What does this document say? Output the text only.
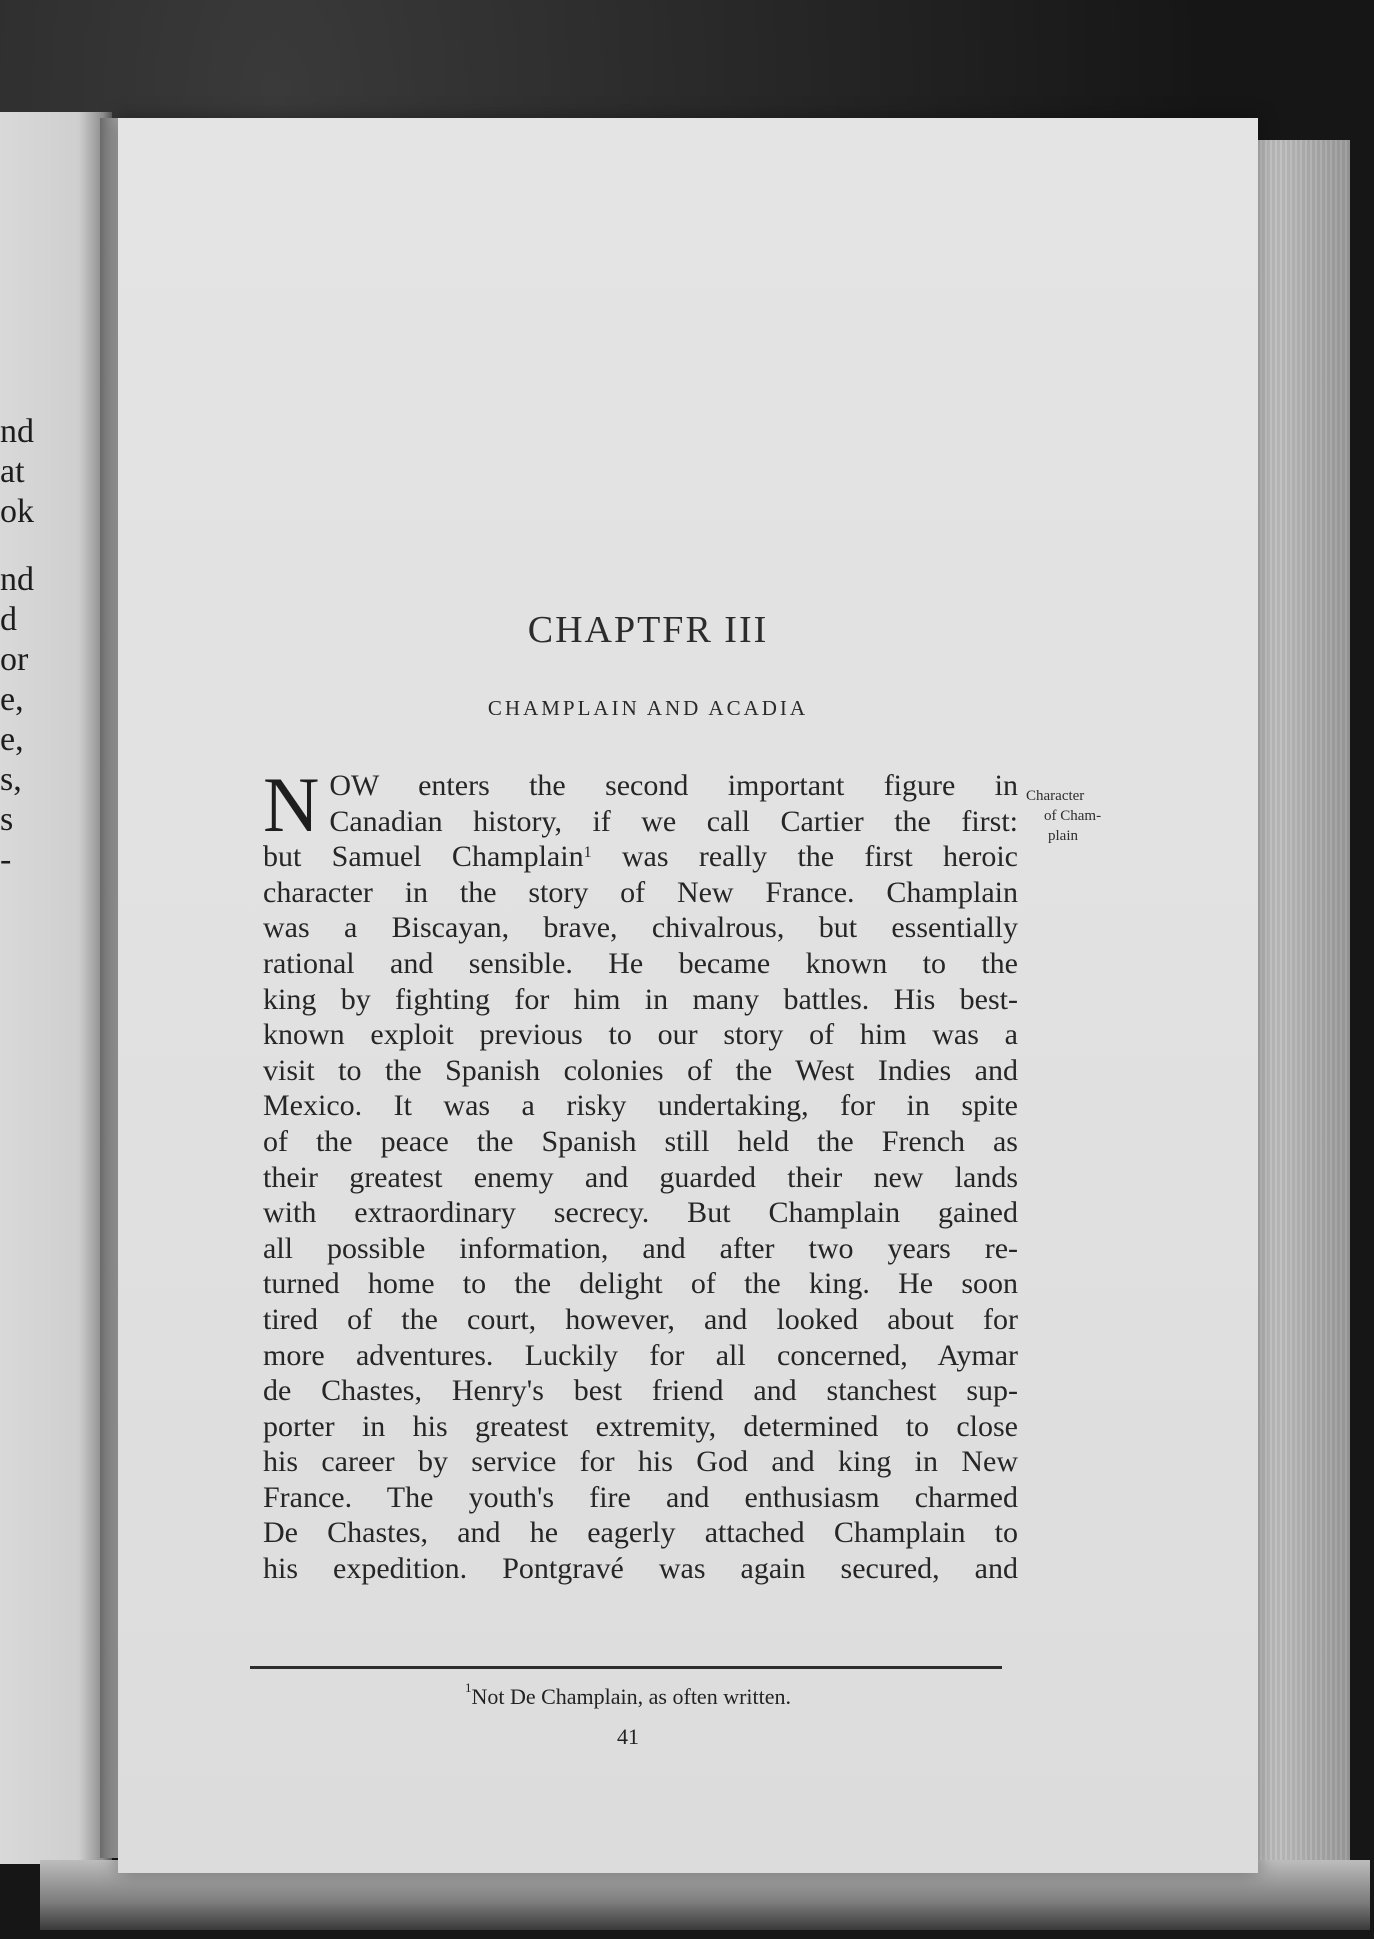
nd
at
ok
nd
d
or
e,
e,
s,
s
-
CHAPTFR III
CHAMPLAIN AND ACADIA
Character
of Cham-
plain
N OW enters the second important figure in
Canadian history, if we call Cartier the first:
but Samuel Champlain$^1$ was really the first heroic
character in the story of New France. Champlain
was a Biscayan, brave, chivalrous, but essentially
rational and sensible. He became known to the
king by fighting for him in many battles. His best-
known exploit previous to our story of him was a
visit to the Spanish colonies of the West Indies and
Mexico. It was a risky undertaking, for in spite
of the peace the Spanish still held the French as
their greatest enemy and guarded their new lands
with extraordinary secrecy. But Champlain gained
all possible information, and after two years re-
turned home to the delight of the king. He soon
tired of the court, however, and looked about for
more adventures. Luckily for all concerned, Aymar
de Chastes, Henry's best friend and stanchest sup-
porter in his greatest extremity, determined to close
his career by service for his God and king in New
France. The youth's fire and enthusiasm charmed
De Chastes, and he eagerly attached Champlain to
his expedition. Pontgravé was again secured, and
$^1$Not De Champlain, as often written.
41
